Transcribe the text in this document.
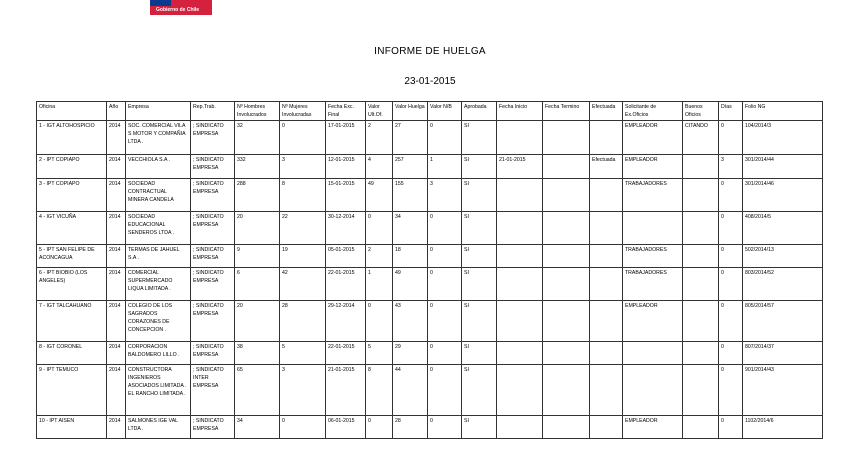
Gobierno de Chile
INFORME DE HUELGA
23-01-2015
Oficina	Año	Empresa	Rep.Trab.	Nº Hombres Involucrados	Nº Mujeres Involucradas	Fecha Exc. Final	Valor Ult.Of.	Valor Huelga	Valor N/B	Aprobada	Fecha Inicio	Fecha Termino	Efectuada	Solicitante de Ex.Oficios	Buenos Oficios	Días	Folio NG
1 - IGT ALTOHOSPICIO	2014	SOC. COMERCIAL VILA S MOTOR Y COMPAÑIA LTDA .	; SINDICATO EMPRESA	32	0	17-01-2015	2	27	0	SI				EMPLEADOR	CITANDO	0	104/2014/3
2 - IPT COPIAPO	2014	VECCHIOLA S.A .	; SINDICATO EMPRESA	332	3	12-01-2015	4	257	1	SI	21-01-2015		Efectuada	EMPLEADOR		3	301/2014/44
3 - IPT COPIAPO	2014	SOCIEDAD CONTRACTUAL MINERA CANDELA	; SINDICATO EMPRESA	288	8	15-01-2015	49	155	3	SI				TRABAJADORES		0	301/2014/46
4 - IGT VICUÑA	2014	SOCIEDAD EDUCACIONAL SENDEROS LTDA .	; SINDICATO EMPRESA	20	22	30-12-2014	0	34	0	SI						0	408/2014/5
5 - IPT SAN FELIPE DE ACONCAGUA	2014	TERMAS DE JAHUEL S.A .	; SINDICATO EMPRESA	9	19	05-01-2015	2	18	0	SI				TRABAJADORES		0	502/2014/13
6 - IPT BIOBIO (LOS ANGELES)	2014	COMERCIAL SUPERMERCADO LIQUA LIMITADA .	; SINDICATO EMPRESA	6	42	22-01-2015	1	49	0	SI				TRABAJADORES		0	803/2014/52
7 - IGT TALCAHUANO	2014	COLEGIO DE LOS SAGRADOS CORAZONES DE CONCEPCION .	; SINDICATO EMPRESA	20	28	29-12-2014	0	43	0	SI				EMPLEADOR		0	805/2014/57
8 - IGT CORONEL	2014	CORPORACION BALDOMERO LILLO .	; SINDICATO EMPRESA	38	5	22-01-2015	5	29	0	SI						0	807/2014/37
9 - IPT TEMUCO	2014	CONSTRUCTORA INGENIEROS ASOCIADOS LIMITADA . EL RANCHO LIMITADA .	; SINDICATO INTER EMPRESA	65	3	21-01-2015	8	44	0	SI						0	901/2014/43
10 - IPT AISEN	2014	SALMONES IGE VAL LTDA .	; SINDICATO EMPRESA	34	0	06-01-2015	0	28	0	SI				EMPLEADOR		0	1102/2014/6
